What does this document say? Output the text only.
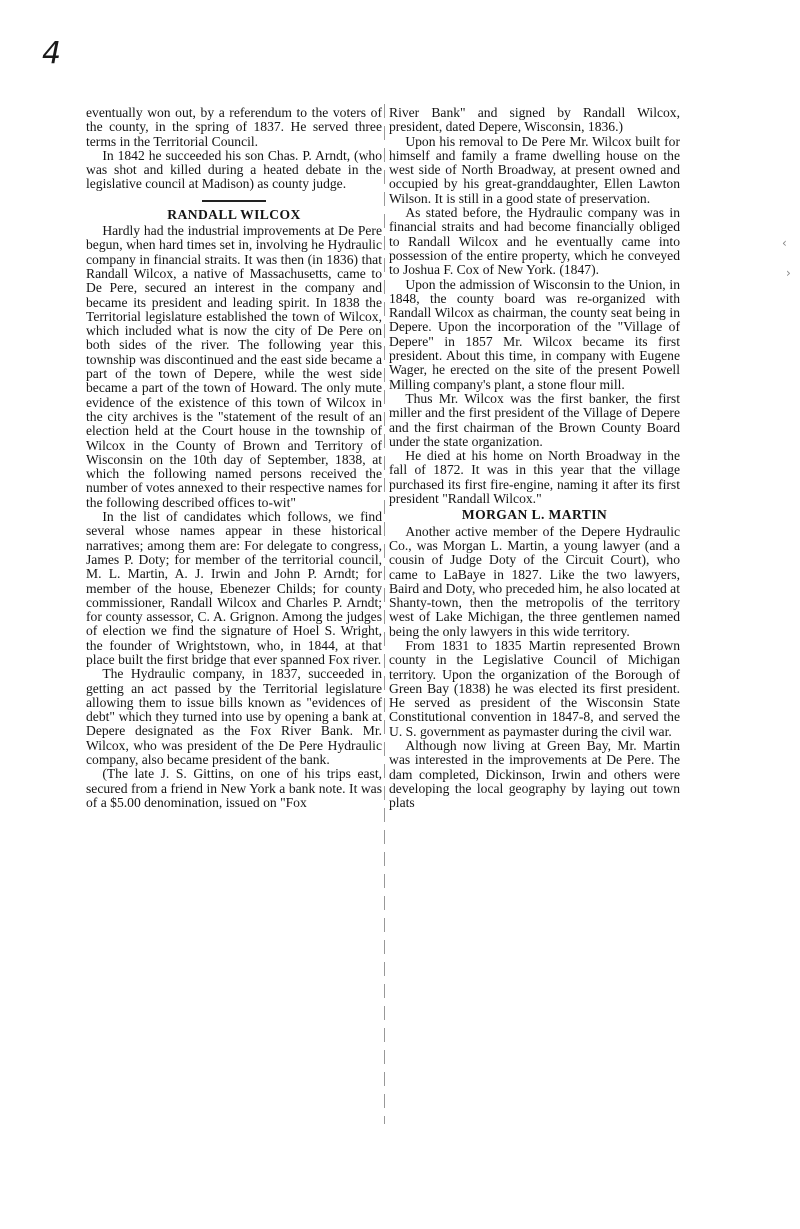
4
‹
›

eventually won out, by a referendum to the voters of the county, in the spring of 1837. He served three terms in the Territorial Council.

In 1842 he succeeded his son Chas. P. Arndt, (who was shot and killed during a heated debate in the legislative council at Madison) as county judge.

RANDALL WILCOX

Hardly had the industrial improvements at De Pere begun, when hard times set in, involving he Hydraulic company in financial straits. It was then (in 1836) that Randall Wilcox, a native of Massachusetts, came to De Pere, secured an interest in the company and became its president and leading spirit. In 1838 the Territorial legislature established the town of Wilcox, which included what is now the city of De Pere on both sides of the river. The following year this township was discontinued and the east side became a part of the town of Depere, while the west side became a part of the town of Howard. The only mute evidence of the existence of this town of Wilcox in the city archives is the "statement of the result of an election held at the Court house in the township of Wilcox in the County of Brown and Territory of Wisconsin on the 10th day of September, 1838, at which the following named persons received the number of votes annexed to their respective names for the following described offices to-wit"

In the list of candidates which follows, we find several whose names appear in these historical narratives; among them are: For delegate to congress, James P. Doty; for member of the territorial council, M. L. Martin, A. J. Irwin and John P. Arndt; for member of the house, Ebenezer Childs; for county commissioner, Randall Wilcox and Charles P. Arndt; for county assessor, C. A. Grignon. Among the judges of election we find the signature of Hoel S. Wright, the founder of Wrightstown, who, in 1844, at that place built the first bridge that ever spanned Fox river.

The Hydraulic company, in 1837, succeeded in getting an act passed by the Territorial legislature allowing them to issue bills known as "evidences of debt" which they turned into use by opening a bank at Depere designated as the Fox River Bank. Mr. Wilcox, who was president of the De Pere Hydraulic company, also became president of the bank.

(The late J. S. Gittins, on one of his trips east, secured from a friend in New York a bank note. It was of a $5.00 denomination, issued on "Fox

River Bank" and signed by Randall Wilcox, president, dated Depere, Wisconsin, 1836.)

Upon his removal to De Pere Mr. Wilcox built for himself and family a frame dwelling house on the west side of North Broadway, at present owned and occupied by his great-granddaughter, Ellen Lawton Wilson. It is still in a good state of preservation.

As stated before, the Hydraulic company was in financial straits and had become financially obliged to Randall Wilcox and he eventually came into possession of the entire property, which he conveyed to Joshua F. Cox of New York. (1847).

Upon the admission of Wisconsin to the Union, in 1848, the county board was re-organized with Randall Wilcox as chairman, the county seat being in Depere. Upon the incorporation of the "Village of Depere" in 1857 Mr. Wilcox became its first president. About this time, in company with Eugene Wager, he erected on the site of the present Powell Milling company's plant, a stone flour mill.

Thus Mr. Wilcox was the first banker, the first miller and the first president of the Village of Depere and the first chairman of the Brown County Board under the state organization.

He died at his home on North Broadway in the fall of 1872. It was in this year that the village purchased its first fire-engine, naming it after its first president "Randall Wilcox."

MORGAN L. MARTIN

Another active member of the Depere Hydraulic Co., was Morgan L. Martin, a young lawyer (and a cousin of Judge Doty of the Circuit Court), who came to LaBaye in 1827. Like the two lawyers, Baird and Doty, who preceded him, he also located at Shanty-town, then the metropolis of the territory west of Lake Michigan, the three gentlemen named being the only lawyers in this wide territory.

From 1831 to 1835 Martin represented Brown county in the Legislative Council of Michigan territory. Upon the organization of the Borough of Green Bay (1838) he was elected its first president. He served as president of the Wisconsin State Constitutional convention in 1847-8, and served the U. S. government as paymaster during the civil war.

Although now living at Green Bay, Mr. Martin was interested in the improvements at De Pere. The dam completed, Dickinson, Irwin and others were developing the local geography by laying out town plats
